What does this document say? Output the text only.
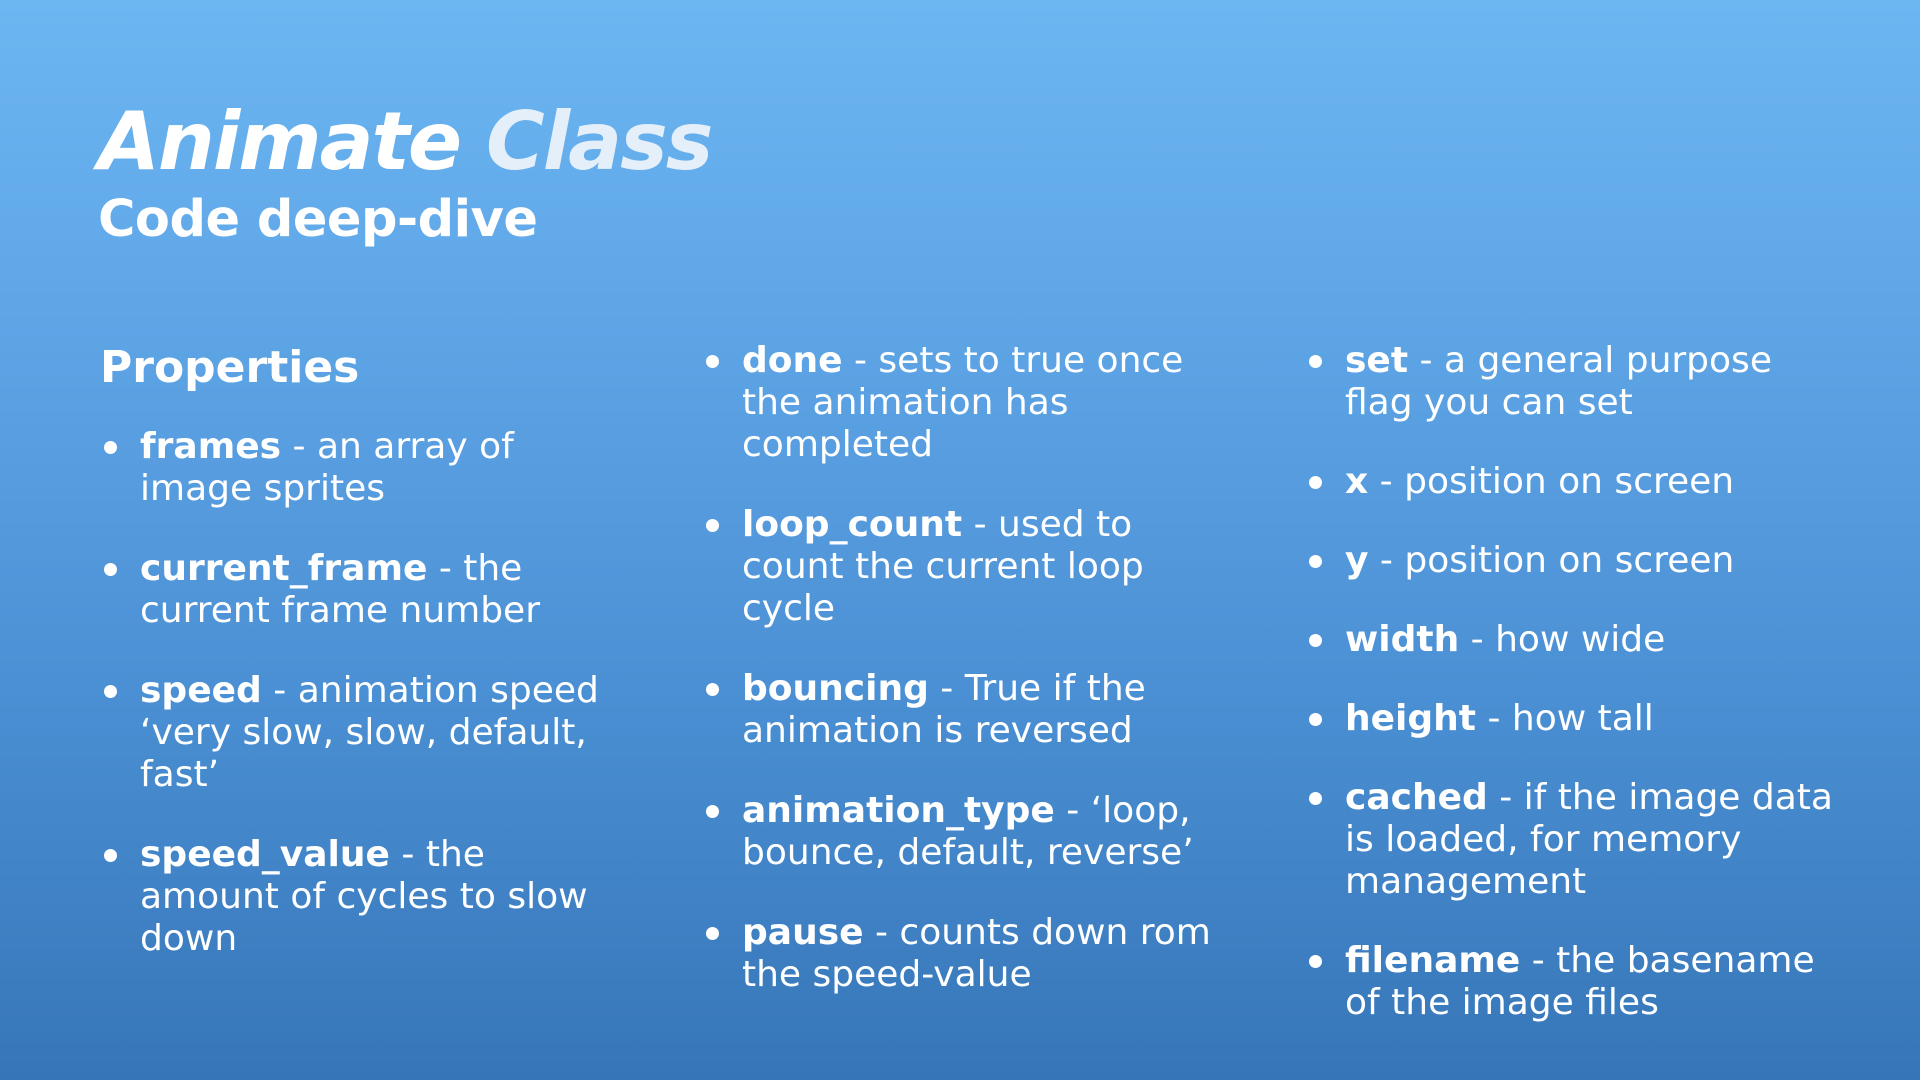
Animate Class
Code deep-dive
Properties
frames - an array of image sprites
current_frame - the current frame number
speed - animation speed ‘very slow, slow, default, fast’
speed_value - the amount of cycles to slow down
done - sets to true once the animation has completed
loop_count - used to count the current loop cycle
bouncing - True if the animation is reversed
animation_type - ‘loop, bounce, default, reverse’
pause - counts down rom the speed-value
set - a general purpose flag you can set
x - position on screen
y - position on screen
width - how wide
height - how tall
cached - if the image data is loaded, for memory management
filename - the basename of the image files
